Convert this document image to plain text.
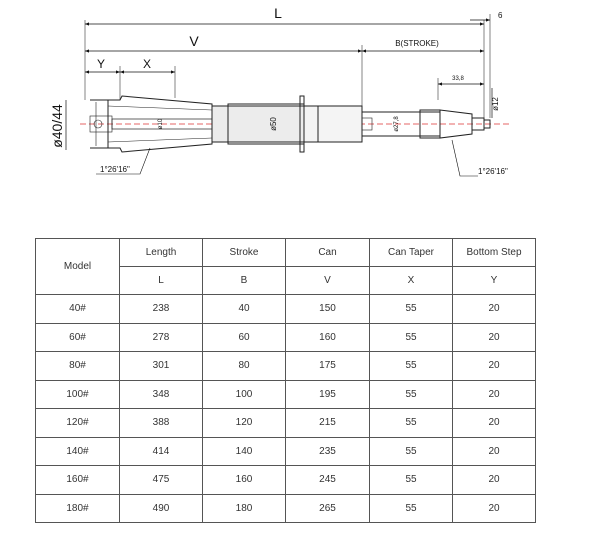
L	6
V	B(STROKE)
Y	X
33,8
ø12
ø50
ø10	ø27,8
ø40/44
1°26'16"	1°26'16"
Model	Length	Stroke	Can	Can Taper	Bottom Step
	L	B	V	X	Y
40#	238	40	150	55	20
60#	278	60	160	55	20
80#	301	80	175	55	20
100#	348	100	195	55	20
120#	388	120	215	55	20
140#	414	140	235	55	20
160#	475	160	245	55	20
180#	490	180	265	55	20
